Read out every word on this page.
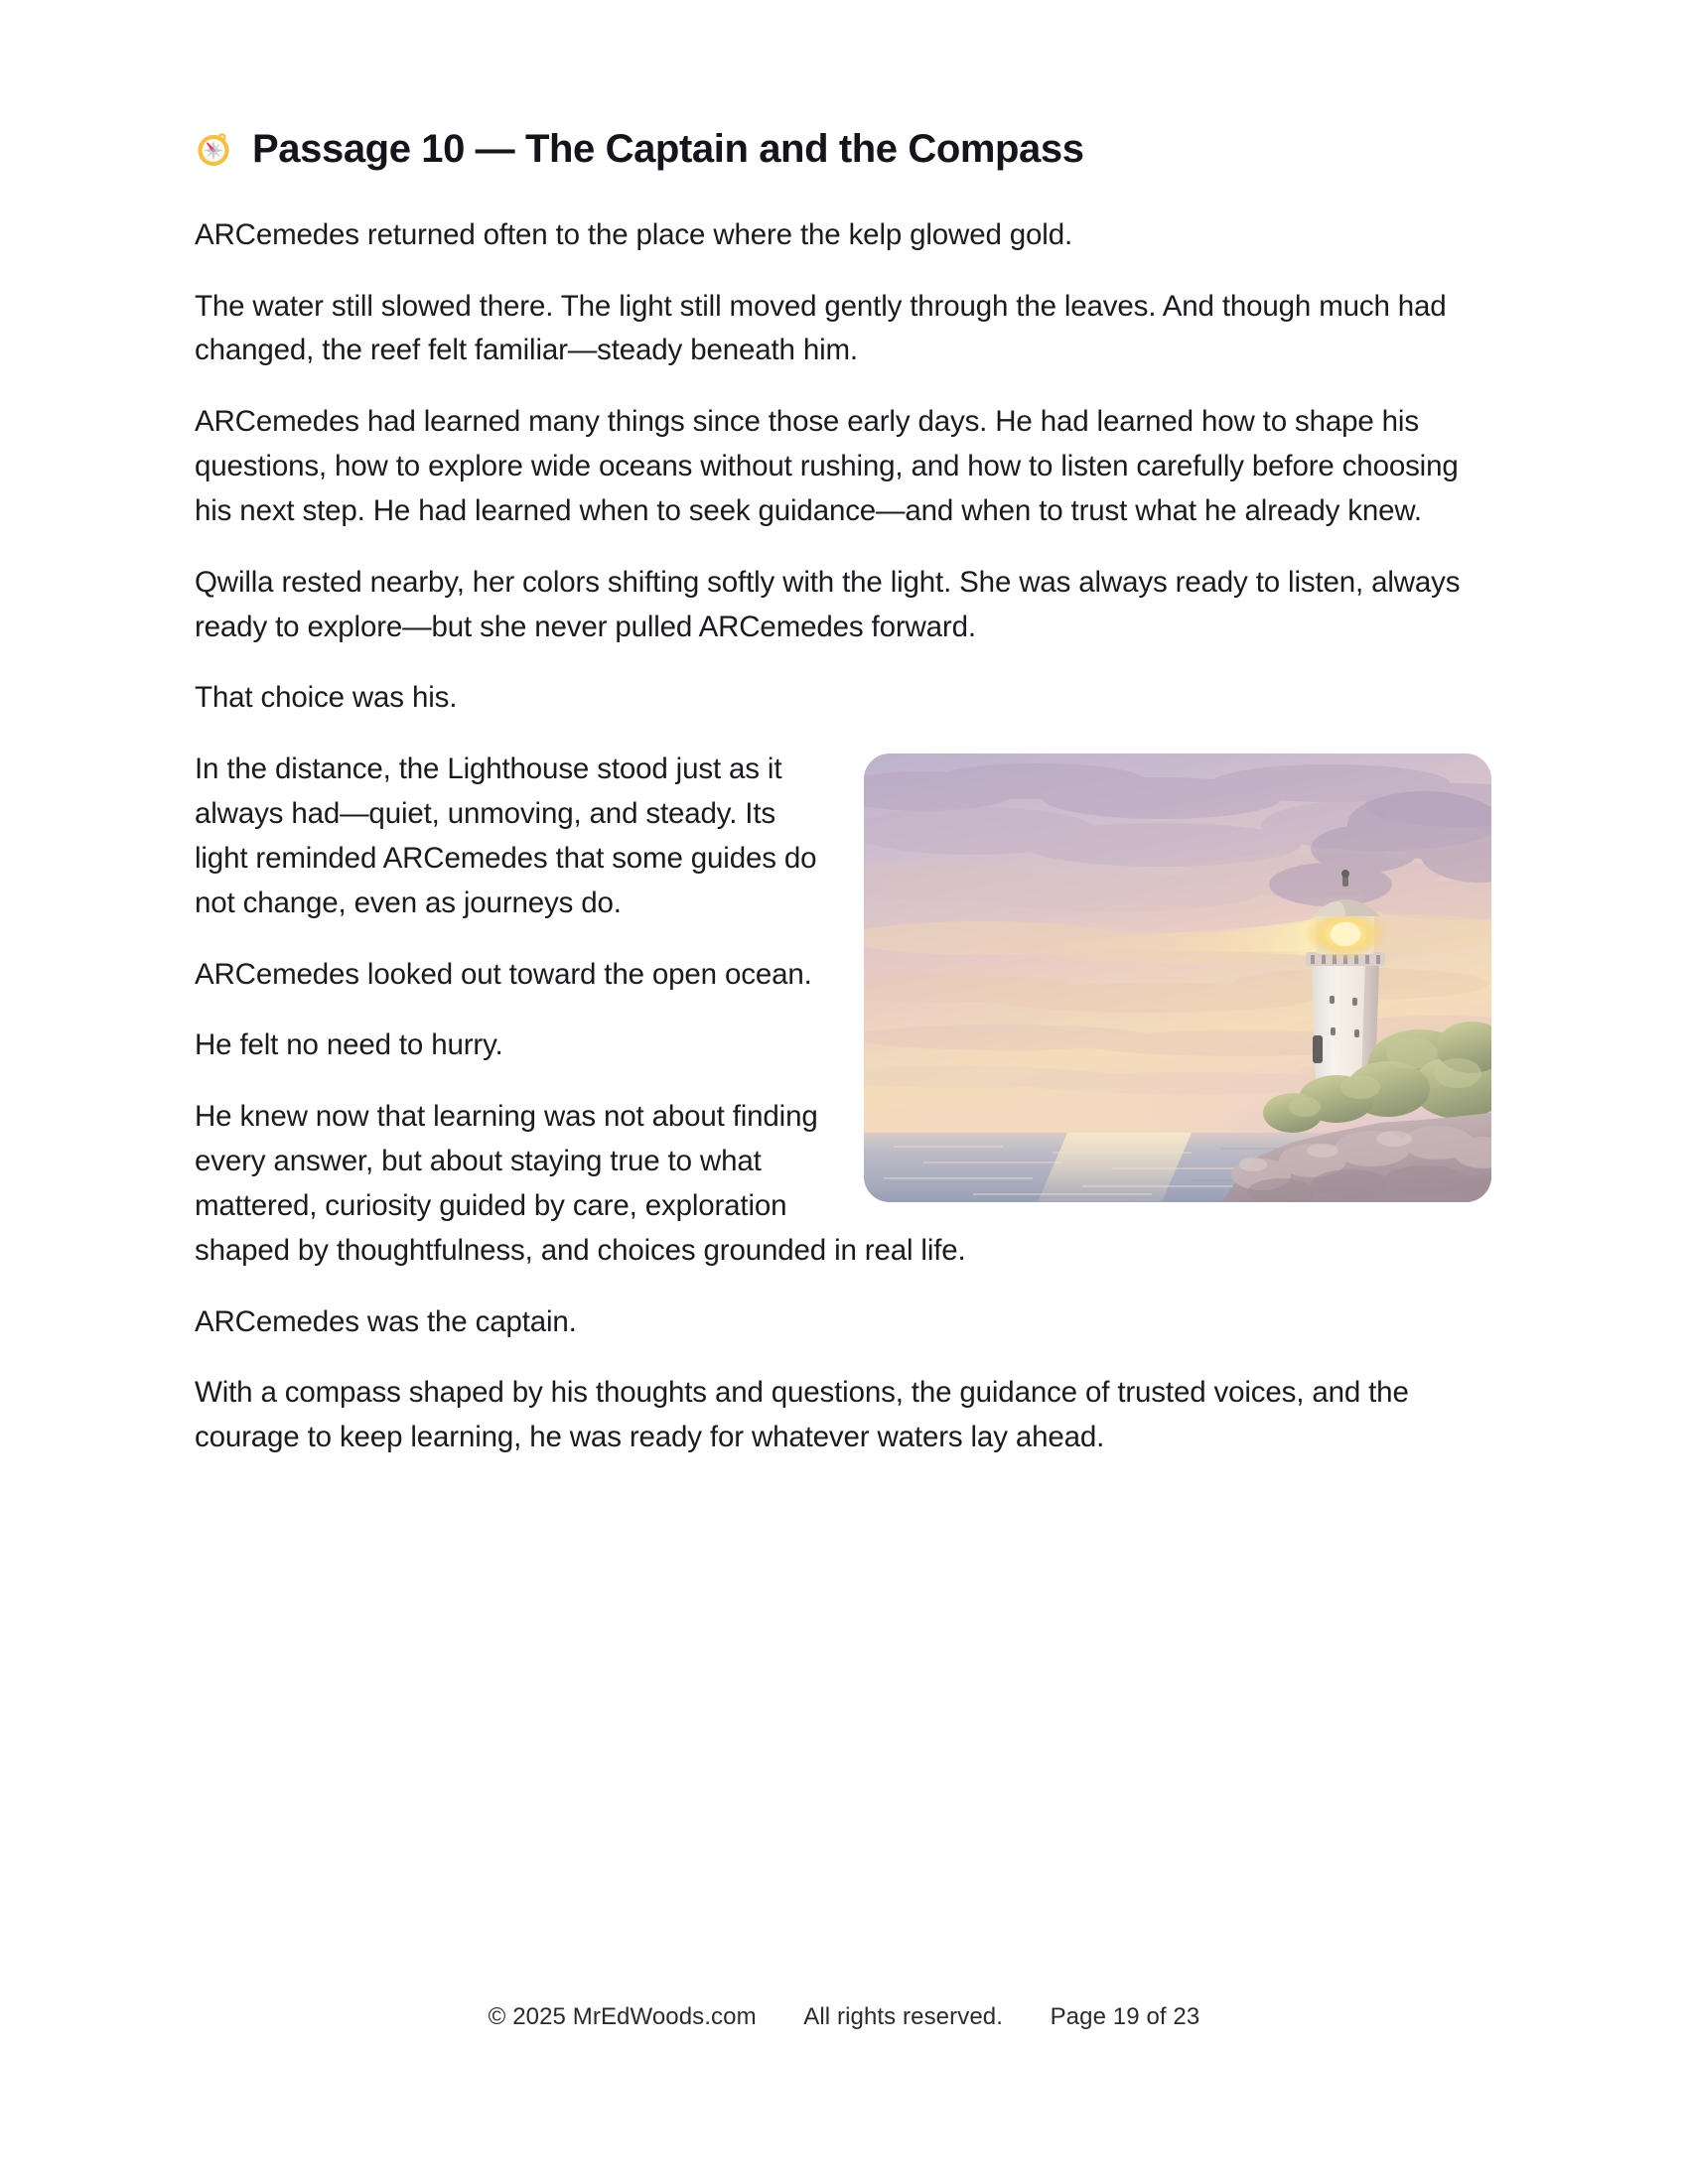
Passage 10 — The Captain and the Compass

ARCemedes returned often to the place where the kelp glowed gold.

The water still slowed there. The light still moved gently through the leaves. And though much had changed, the reef felt familiar—steady beneath him.

ARCemedes had learned many things since those early days. He had learned how to shape his questions, how to explore wide oceans without rushing, and how to listen carefully before choosing his next step. He had learned when to seek guidance—and when to trust what he already knew.

Qwilla rested nearby, her colors shifting softly with the light. She was always ready to listen, always ready to explore—but she never pulled ARCemedes forward.

That choice was his.

In the distance, the Lighthouse stood just as it always had—quiet, unmoving, and steady. Its light reminded ARCemedes that some guides do not change, even as journeys do.

ARCemedes looked out toward the open ocean.

He felt no need to hurry.

He knew now that learning was not about finding every answer, but about staying true to what mattered, curiosity guided by care, exploration shaped by thoughtfulness, and choices grounded in real life.

ARCemedes was the captain.

With a compass shaped by his thoughts and questions, the guidance of trusted voices, and the courage to keep learning, he was ready for whatever waters lay ahead.

© 2025 MrEdWoods.com All rights reserved. Page 19 of 23
